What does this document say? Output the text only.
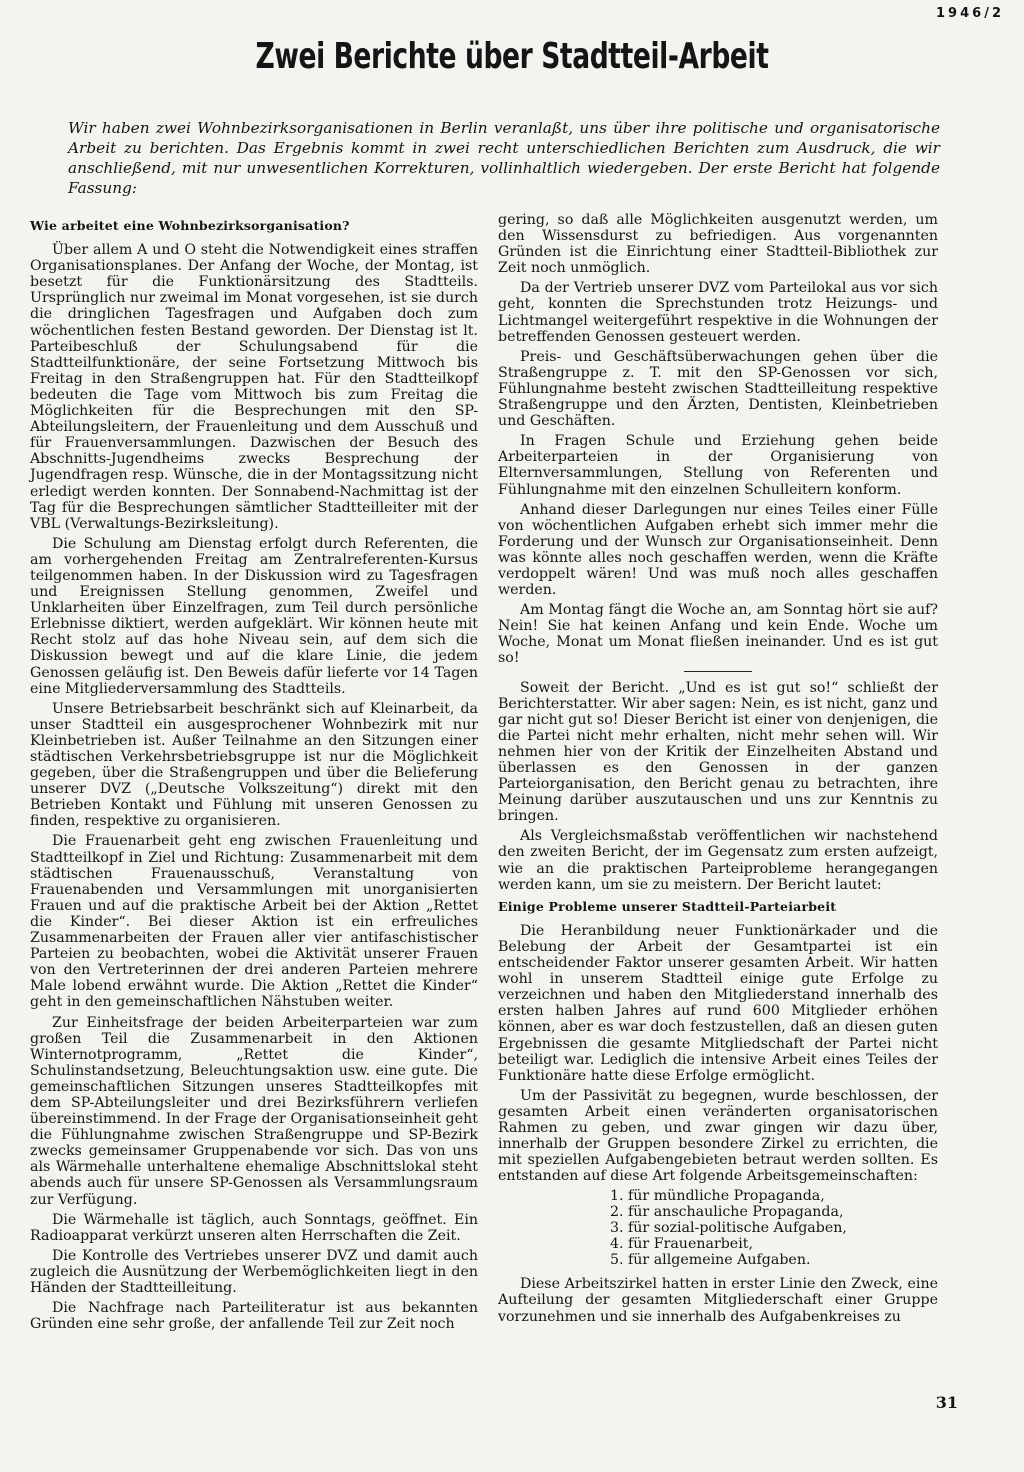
1946/2
Zwei Berichte über Stadtteil-Arbeit
Wir haben zwei Wohnbezirksorganisationen in Berlin veranlaßt, uns über ihre politische und organisatorische Arbeit zu berichten. Das Ergebnis kommt in zwei recht unterschiedlichen Berichten zum Ausdruck, die wir anschließend, mit nur unwesentlichen Korrekturen, vollinhaltlich wiedergeben. Der erste Bericht hat folgende Fassung:
Wie arbeitet eine Wohnbezirksorganisation?

Über allem A und O steht die Notwendigkeit eines straffen Organisationsplanes. Der Anfang der Woche, der Montag, ist besetzt für die Funktionärsitzung des Stadtteils. Ursprünglich nur zweimal im Monat vorgesehen, ist sie durch die dringlichen Tagesfragen und Aufgaben doch zum wöchentlichen festen Bestand geworden. Der Dienstag ist lt. Parteibeschluß der Schulungsabend für die Stadtteilfunktionäre, der seine Fortsetzung Mittwoch bis Freitag in den Straßengruppen hat. Für den Stadtteilkopf bedeuten die Tage vom Mittwoch bis zum Freitag die Möglichkeiten für die Besprechungen mit den SP-Abteilungsleitern, der Frauenleitung und dem Ausschuß und für Frauenversammlungen. Dazwischen der Besuch des Abschnitts-Jugendheims zwecks Besprechung der Jugendfragen resp. Wünsche, die in der Montagssitzung nicht erledigt werden konnten. Der Sonnabend-Nachmittag ist der Tag für die Besprechungen sämtlicher Stadtteilleiter mit der VBL (Verwaltungs-Bezirksleitung).

Die Schulung am Dienstag erfolgt durch Referenten, die am vorhergehenden Freitag am Zentralreferenten-Kursus teilgenommen haben. In der Diskussion wird zu Tagesfragen und Ereignissen Stellung genommen, Zweifel und Unklarheiten über Einzelfragen, zum Teil durch persönliche Erlebnisse diktiert, werden aufgeklärt. Wir können heute mit Recht stolz auf das hohe Niveau sein, auf dem sich die Diskussion bewegt und auf die klare Linie, die jedem Genossen geläufig ist. Den Beweis dafür lieferte vor 14 Tagen eine Mitgliederversammlung des Stadtteils.

Unsere Betriebsarbeit beschränkt sich auf Kleinarbeit, da unser Stadtteil ein ausgesprochener Wohnbezirk mit nur Kleinbetrieben ist. Außer Teilnahme an den Sitzungen einer städtischen Verkehrsbetriebsgruppe ist nur die Möglichkeit gegeben, über die Straßengruppen und über die Belieferung unserer DVZ („Deutsche Volkszeitung“) direkt mit den Betrieben Kontakt und Fühlung mit unseren Genossen zu finden, respektive zu organisieren.

Die Frauenarbeit geht eng zwischen Frauenleitung und Stadtteilkopf in Ziel und Richtung: Zusammenarbeit mit dem städtischen Frauenausschuß, Veranstaltung von Frauenabenden und Versammlungen mit unorganisierten Frauen und auf die praktische Arbeit bei der Aktion „Rettet die Kinder“. Bei dieser Aktion ist ein erfreuliches Zusammenarbeiten der Frauen aller vier antifaschistischer Parteien zu beobachten, wobei die Aktivität unserer Frauen von den Vertreterinnen der drei anderen Parteien mehrere Male lobend erwähnt wurde. Die Aktion „Rettet die Kinder“ geht in den gemeinschaftlichen Nähstuben weiter.

Zur Einheitsfrage der beiden Arbeiterparteien war zum großen Teil die Zusammenarbeit in den Aktionen Winternotprogramm, „Rettet die Kinder“, Schulinstandsetzung, Beleuchtungsaktion usw. eine gute. Die gemeinschaftlichen Sitzungen unseres Stadtteilkopfes mit dem SP-Abteilungsleiter und drei Bezirksführern verliefen übereinstimmend. In der Frage der Organisationseinheit geht die Fühlungnahme zwischen Straßengruppe und SP-Bezirk zwecks gemeinsamer Gruppenabende vor sich. Das von uns als Wärmehalle unterhaltene ehemalige Abschnittslokal steht abends auch für unsere SP-Genossen als Versammlungsraum zur Verfügung.

Die Wärmehalle ist täglich, auch Sonntags, geöffnet. Ein Radioapparat verkürzt unseren alten Herrschaften die Zeit.

Die Kontrolle des Vertriebes unserer DVZ und damit auch zugleich die Ausnützung der Werbemöglichkeiten liegt in den Händen der Stadtteilleitung.

Die Nachfrage nach Parteiliteratur ist aus bekannten Gründen eine sehr große, der anfallende Teil zur Zeit noch

gering, so daß alle Möglichkeiten ausgenutzt werden, um den Wissensdurst zu befriedigen. Aus vorgenannten Gründen ist die Einrichtung einer Stadtteil-Bibliothek zur Zeit noch unmöglich.

Da der Vertrieb unserer DVZ vom Parteilokal aus vor sich geht, konnten die Sprechstunden trotz Heizungs- und Lichtmangel weitergeführt respektive in die Wohnungen der betreffenden Genossen gesteuert werden.

Preis- und Geschäftsüberwachungen gehen über die Straßengruppe z. T. mit den SP-Genossen vor sich, Fühlungnahme besteht zwischen Stadtteilleitung respektive Straßengruppe und den Ärzten, Dentisten, Kleinbetrieben und Geschäften.

In Fragen Schule und Erziehung gehen beide Arbeiterparteien in der Organisierung von Elternversammlungen, Stellung von Referenten und Fühlungnahme mit den einzelnen Schulleitern konform.

Anhand dieser Darlegungen nur eines Teiles einer Fülle von wöchentlichen Aufgaben erhebt sich immer mehr die Forderung und der Wunsch zur Organisationseinheit. Denn was könnte alles noch geschaffen werden, wenn die Kräfte verdoppelt wären! Und was muß noch alles geschaffen werden.

Am Montag fängt die Woche an, am Sonntag hört sie auf? Nein! Sie hat keinen Anfang und kein Ende. Woche um Woche, Monat um Monat fließen ineinander. Und es ist gut so!

Soweit der Bericht. „Und es ist gut so!“ schließt der Berichterstatter. Wir aber sagen: Nein, es ist nicht, ganz und gar nicht gut so! Dieser Bericht ist einer von denjenigen, die die Partei nicht mehr erhalten, nicht mehr sehen will. Wir nehmen hier von der Kritik der Einzelheiten Abstand und überlassen es den Genossen in der ganzen Parteiorganisation, den Bericht genau zu betrachten, ihre Meinung darüber auszutauschen und uns zur Kenntnis zu bringen.

Als Vergleichsmaßstab veröffentlichen wir nachstehend den zweiten Bericht, der im Gegensatz zum ersten aufzeigt, wie an die praktischen Parteiprobleme herangegangen werden kann, um sie zu meistern. Der Bericht lautet:

Einige Probleme unserer Stadtteil-Parteiarbeit

Die Heranbildung neuer Funktionärkader und die Belebung der Arbeit der Gesamtpartei ist ein entscheidender Faktor unserer gesamten Arbeit. Wir hatten wohl in unserem Stadtteil einige gute Erfolge zu verzeichnen und haben den Mitgliederstand innerhalb des ersten halben Jahres auf rund 600 Mitglieder erhöhen können, aber es war doch festzustellen, daß an diesen guten Ergebnissen die gesamte Mitgliedschaft der Partei nicht beteiligt war. Lediglich die intensive Arbeit eines Teiles der Funktionäre hatte diese Erfolge ermöglicht.

Um der Passivität zu begegnen, wurde beschlossen, der gesamten Arbeit einen veränderten organisatorischen Rahmen zu geben, und zwar gingen wir dazu über, innerhalb der Gruppen besondere Zirkel zu errichten, die mit speziellen Aufgabengebieten betraut werden sollten. Es entstanden auf diese Art folgende Arbeitsgemeinschaften:

1. für mündliche Propaganda,
2. für anschauliche Propaganda,
3. für sozial-politische Aufgaben,
4. für Frauenarbeit,
5. für allgemeine Aufgaben.

Diese Arbeitszirkel hatten in erster Linie den Zweck, eine Aufteilung der gesamten Mitgliederschaft einer Gruppe vorzunehmen und sie innerhalb des Aufgabenkreises zu

31
